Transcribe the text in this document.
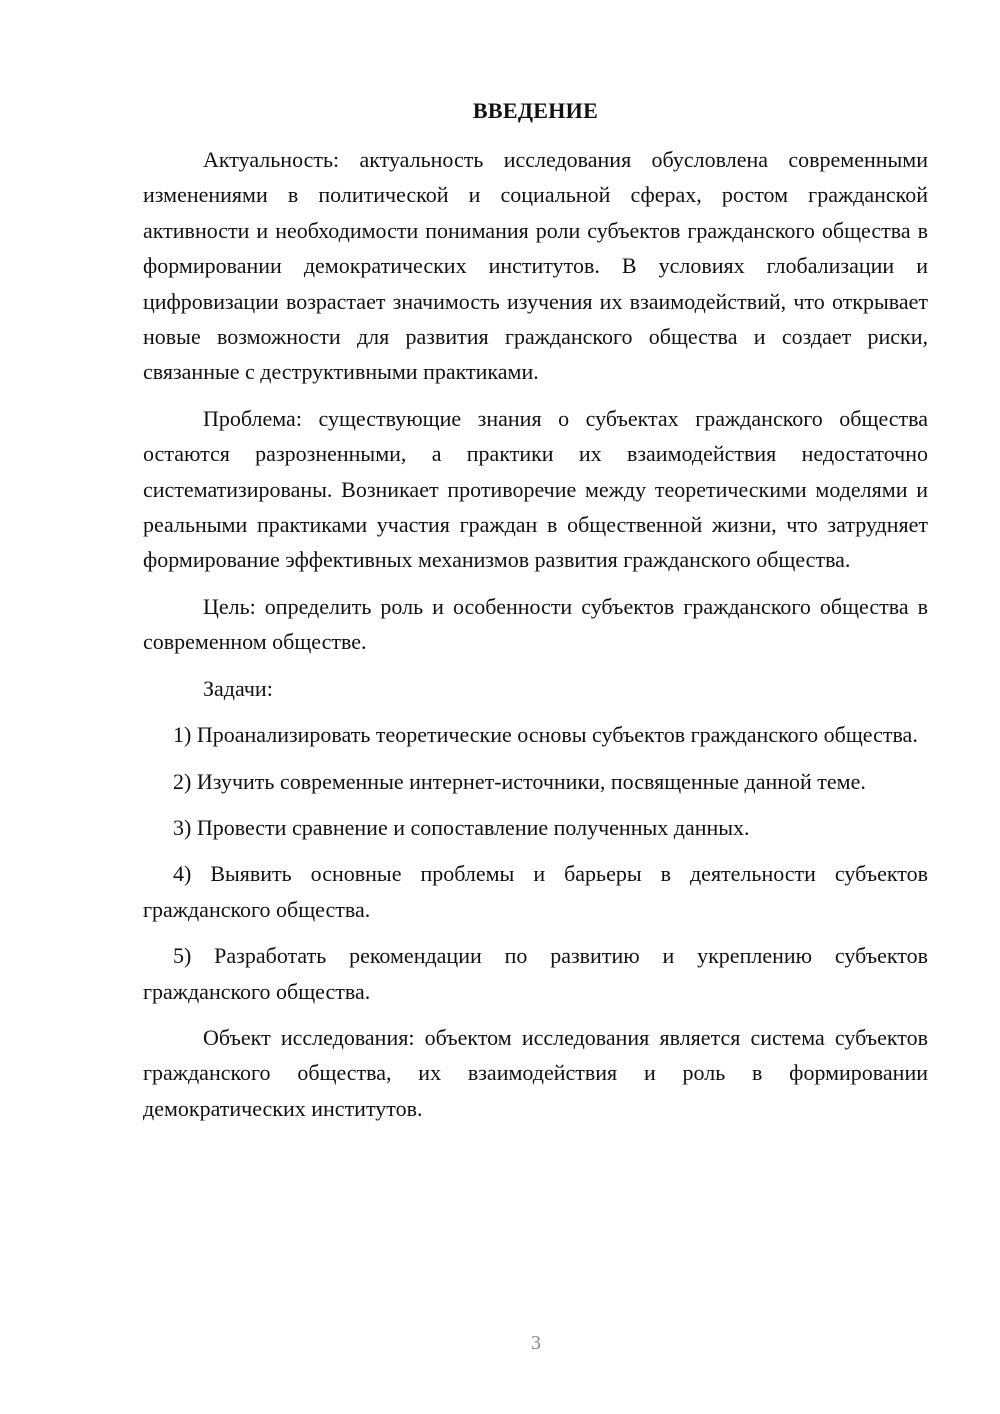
ВВЕДЕНИЕ

Актуальность: актуальность исследования обусловлена современными изменениями в политической и социальной сферах, ростом гражданской активности и необходимости понимания роли субъектов гражданского общества в формировании демократических институтов. В условиях глобализации и цифровизации возрастает значимость изучения их взаимодействий, что открывает новые возможности для развития гражданского общества и создает риски, связанные с деструктивными практиками.

Проблема: существующие знания о субъектах гражданского общества остаются разрозненными, а практики их взаимодействия недостаточно систематизированы. Возникает противоречие между теоретическими моделями и реальными практиками участия граждан в общественной жизни, что затрудняет формирование эффективных механизмов развития гражданского общества.

Цель: определить роль и особенности субъектов гражданского общества в современном обществе.

Задачи:

1) Проанализировать теоретические основы субъектов гражданского общества.

2) Изучить современные интернет-источники, посвященные данной теме.

3) Провести сравнение и сопоставление полученных данных.

4) Выявить основные проблемы и барьеры в деятельности субъектов гражданского общества.

5) Разработать рекомендации по развитию и укреплению субъектов гражданского общества.

Объект исследования: объектом исследования является система субъектов гражданского общества, их взаимодействия и роль в формировании демократических институтов.

3
